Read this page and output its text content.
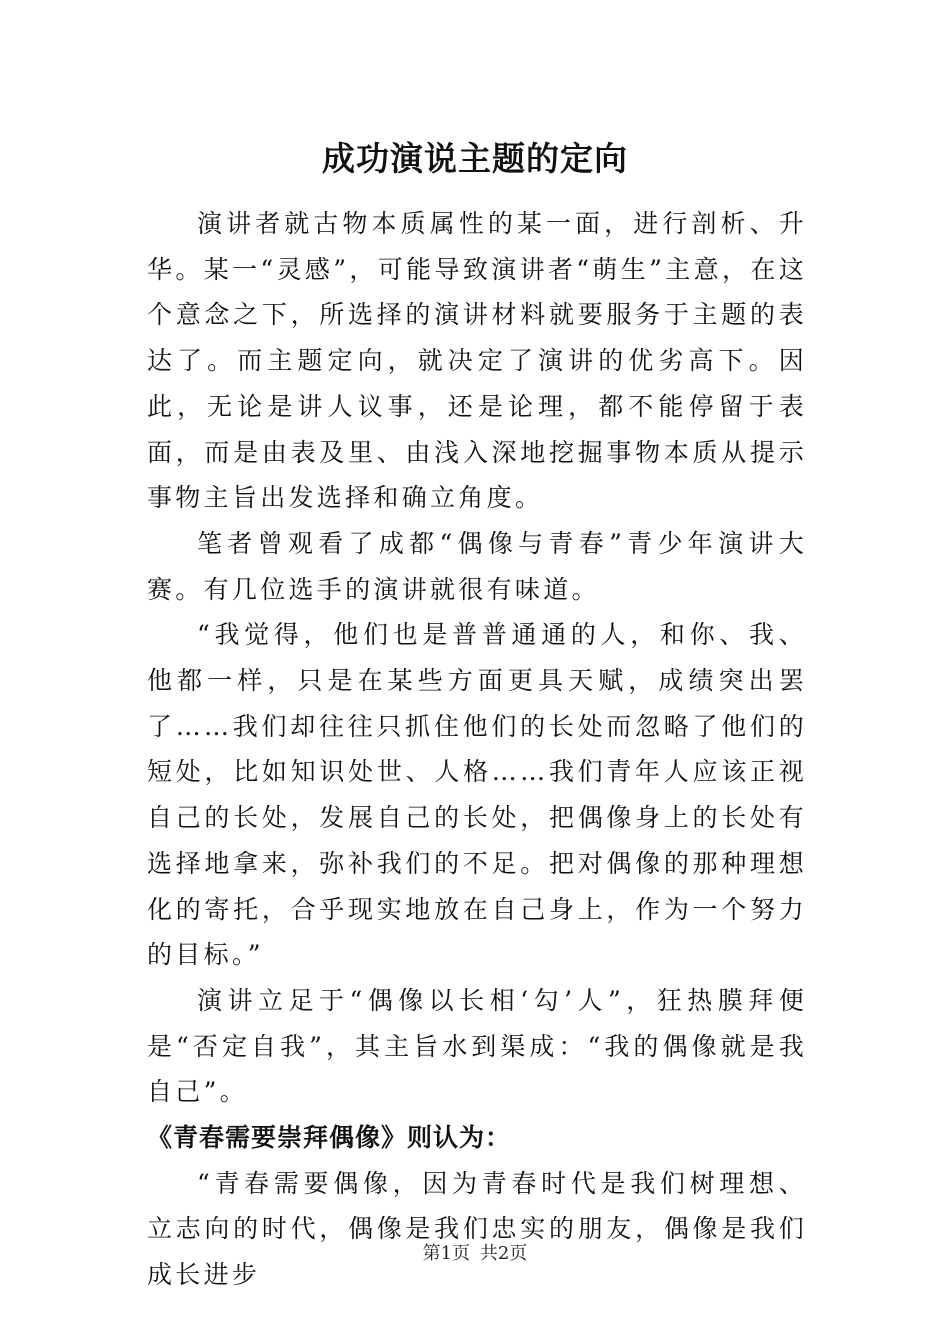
成功演说主题的定向

演讲者就古物本质属性的某一面，进行剖析、升华。某一“灵感”，可能导致演讲者“萌生”主意，在这个意念之下，所选择的演讲材料就要服务于主题的表达了。而主题定向，就决定了演讲的优劣高下。因此，无论是讲人议事，还是论理，都不能停留于表面，而是由表及里、由浅入深地挖掘事物本质从提示事物主旨出发选择和确立角度。

笔者曾观看了成都“偶像与青春”青少年演讲大赛。有几位选手的演讲就很有味道。

“我觉得，他们也是普普通通的人，和你、我、他都一样，只是在某些方面更具天赋，成绩突出罢了……我们却往往只抓住他们的长处而忽略了他们的短处，比如知识处世、人格……我们青年人应该正视自己的长处，发展自己的长处，把偶像身上的长处有选择地拿来，弥补我们的不足。把对偶像的那种理想化的寄托，合乎现实地放在自己身上，作为一个努力的目标。”

演讲立足于“偶像以长相‘勾’人”，狂热膜拜便是“否定自我”，其主旨水到渠成：“我的偶像就是我自己”。

《青春需要崇拜偶像》则认为：

“青春需要偶像，因为青春时代是我们树理想、立志向的时代，偶像是我们忠实的朋友，偶像是我们成长进步

第1页 共2页
